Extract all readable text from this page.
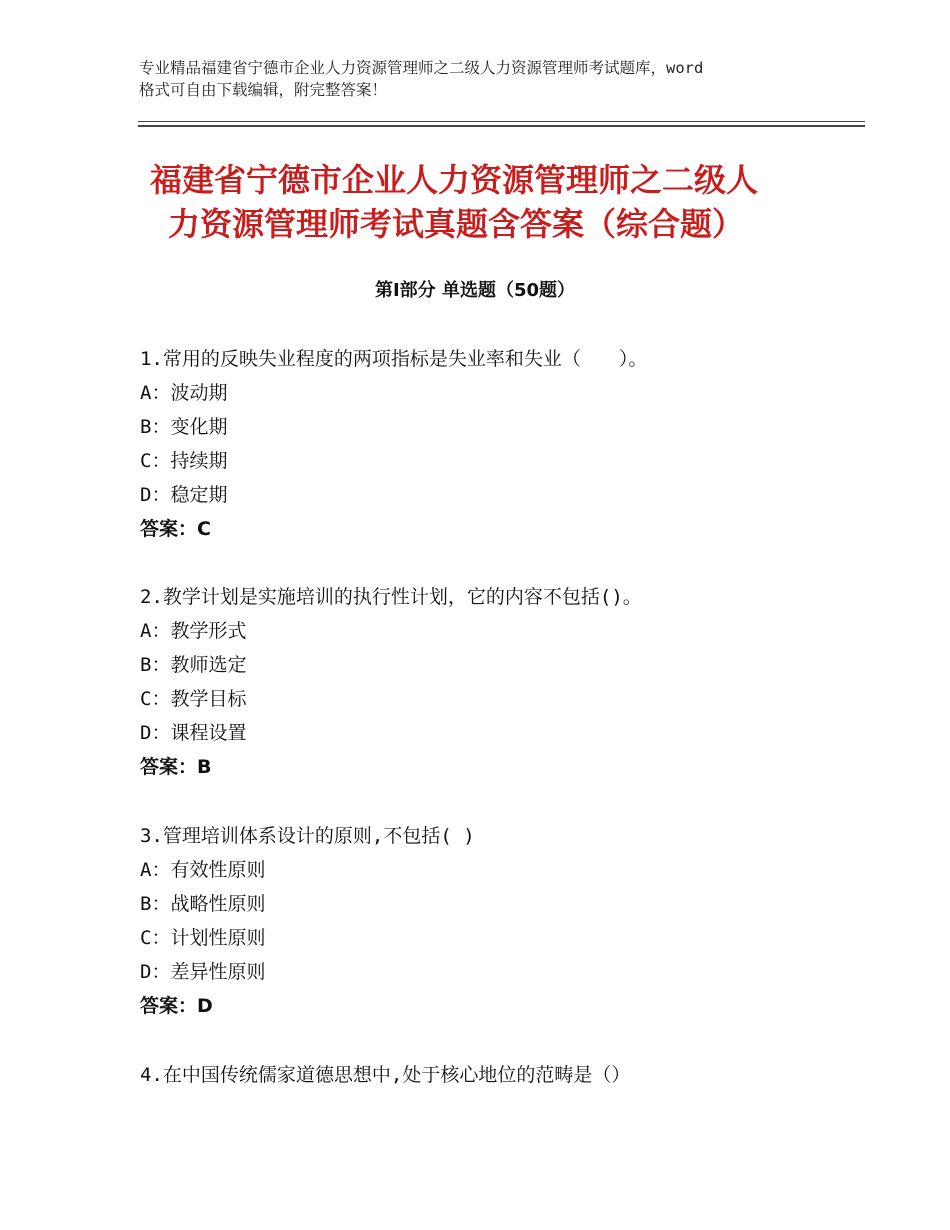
专业精品福建省宁德市企业人力资源管理师之二级人力资源管理师考试题库，word
格式可自由下载编辑，附完整答案！
福建省宁德市企业人力资源管理师之二级人
力资源管理师考试真题含答案（综合题）
第Ⅰ部分 单选题（50题）
1.常用的反映失业程度的两项指标是失业率和失业（　　）。
A：波动期
B：变化期
C：持续期
D：稳定期
答案：C
2.教学计划是实施培训的执行性计划，它的内容不包括()。
A：教学形式
B：教师选定
C：教学目标
D：课程设置
答案：B
3.管理培训体系设计的原则,不包括( )
A：有效性原则
B：战略性原则
C：计划性原则
D：差异性原则
答案：D
4.在中国传统儒家道德思想中,处于核心地位的范畴是（）
